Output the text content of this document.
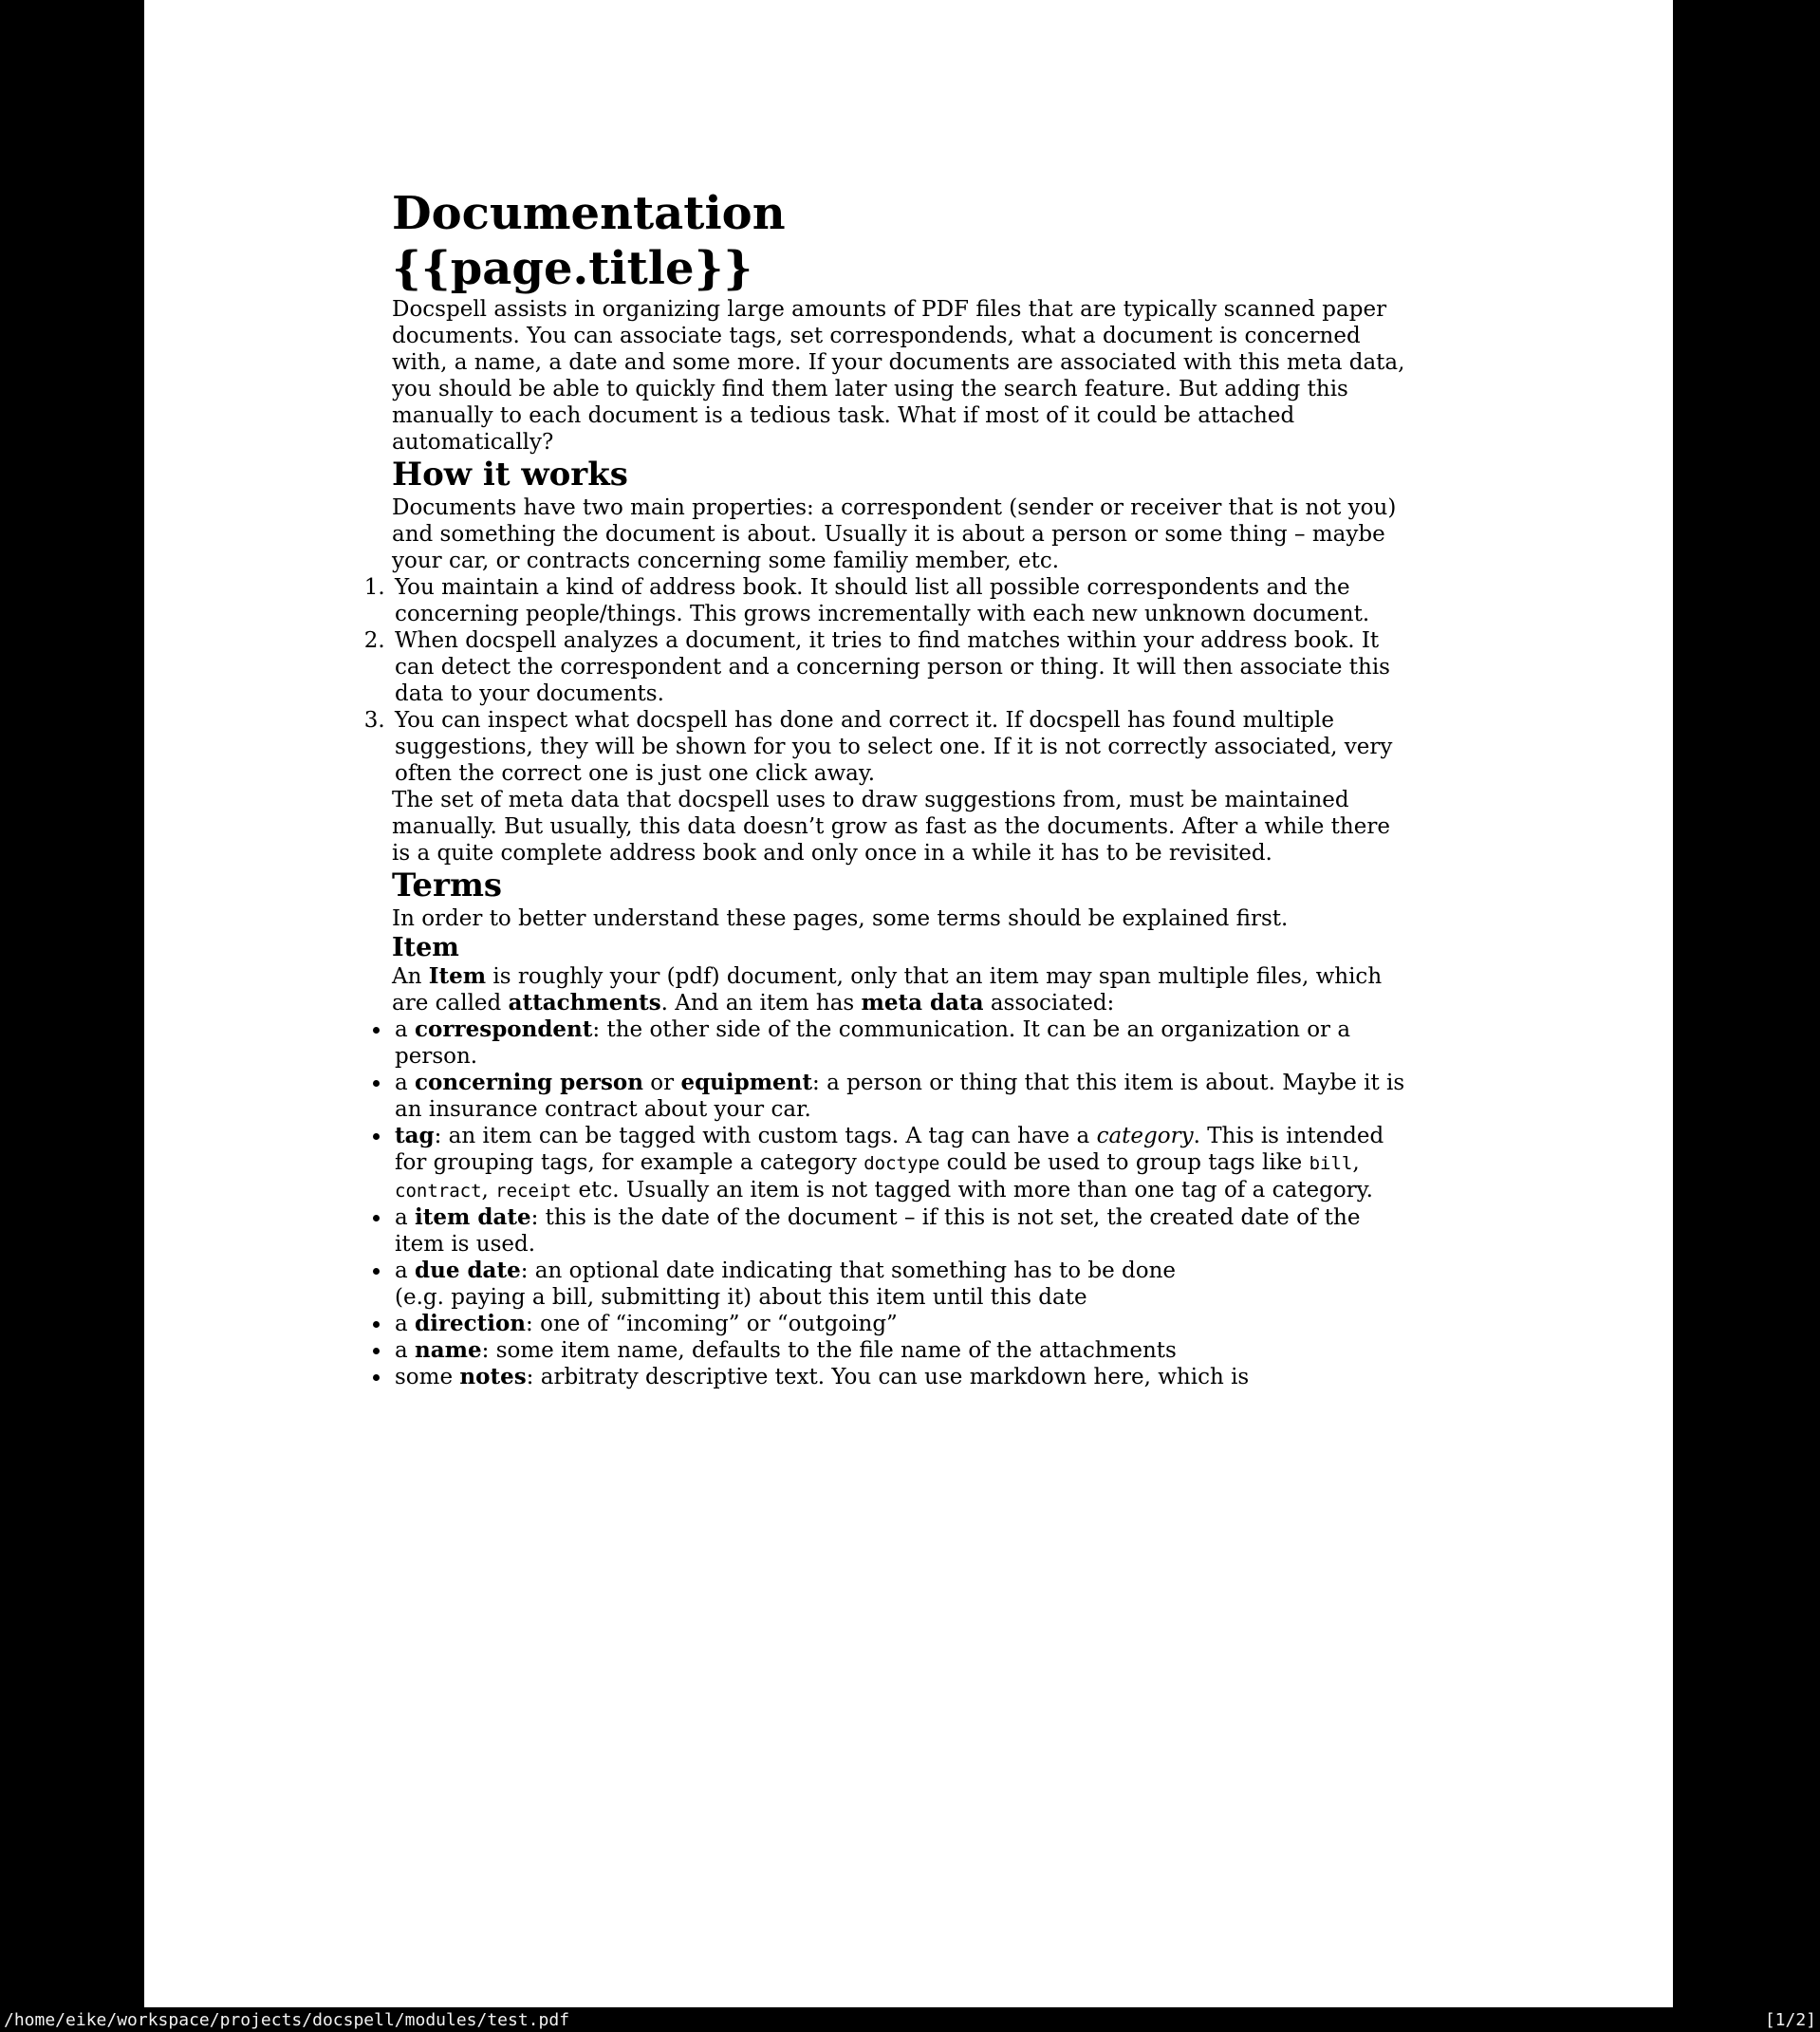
Documentation
{{page.title}}

Docspell assists in organizing large amounts of PDF files that are typically scanned paper documents. You can associate tags, set correspondends, what a document is concerned with, a name, a date and some more. If your documents are associated with this meta data, you should be able to quickly find them later using the search feature. But adding this manually to each document is a tedious task. What if most of it could be attached automatically?

How it works

Documents have two main properties: a correspondent (sender or receiver that is not you) and something the document is about. Usually it is about a person or some thing – maybe your car, or contracts concerning some familiy member, etc.

1. You maintain a kind of address book. It should list all possible correspondents and the concerning people/things. This grows incrementally with each new unknown document.
2. When docspell analyzes a document, it tries to find matches within your address book. It can detect the correspondent and a concerning person or thing. It will then associate this data to your documents.
3. You can inspect what docspell has done and correct it. If docspell has found multiple suggestions, they will be shown for you to select one. If it is not correctly associated, very often the correct one is just one click away.

The set of meta data that docspell uses to draw suggestions from, must be maintained manually. But usually, this data doesn’t grow as fast as the documents. After a while there is a quite complete address book and only once in a while it has to be revisited.

Terms

In order to better understand these pages, some terms should be explained first.

Item

An Item is roughly your (pdf) document, only that an item may span multiple files, which are called attachments. And an item has meta data associated:

• a correspondent: the other side of the communication. It can be an organization or a person.
• a concerning person or equipment: a person or thing that this item is about. Maybe it is an insurance contract about your car.
• tag: an item can be tagged with custom tags. A tag can have a category. This is intended for grouping tags, for example a category doctype could be used to group tags like bill, contract, receipt etc. Usually an item is not tagged with more than one tag of a category.
• a item date: this is the date of the document – if this is not set, the created date of the item is used.
• a due date: an optional date indicating that something has to be done
(e.g. paying a bill, submitting it) about this item until this date
• a direction: one of “incoming” or “outgoing”
• a name: some item name, defaults to the file name of the attachments
• some notes: arbitraty descriptive text. You can use markdown here, which is
/home/eike/workspace/projects/docspell/modules/test.pdf	[1/2]
